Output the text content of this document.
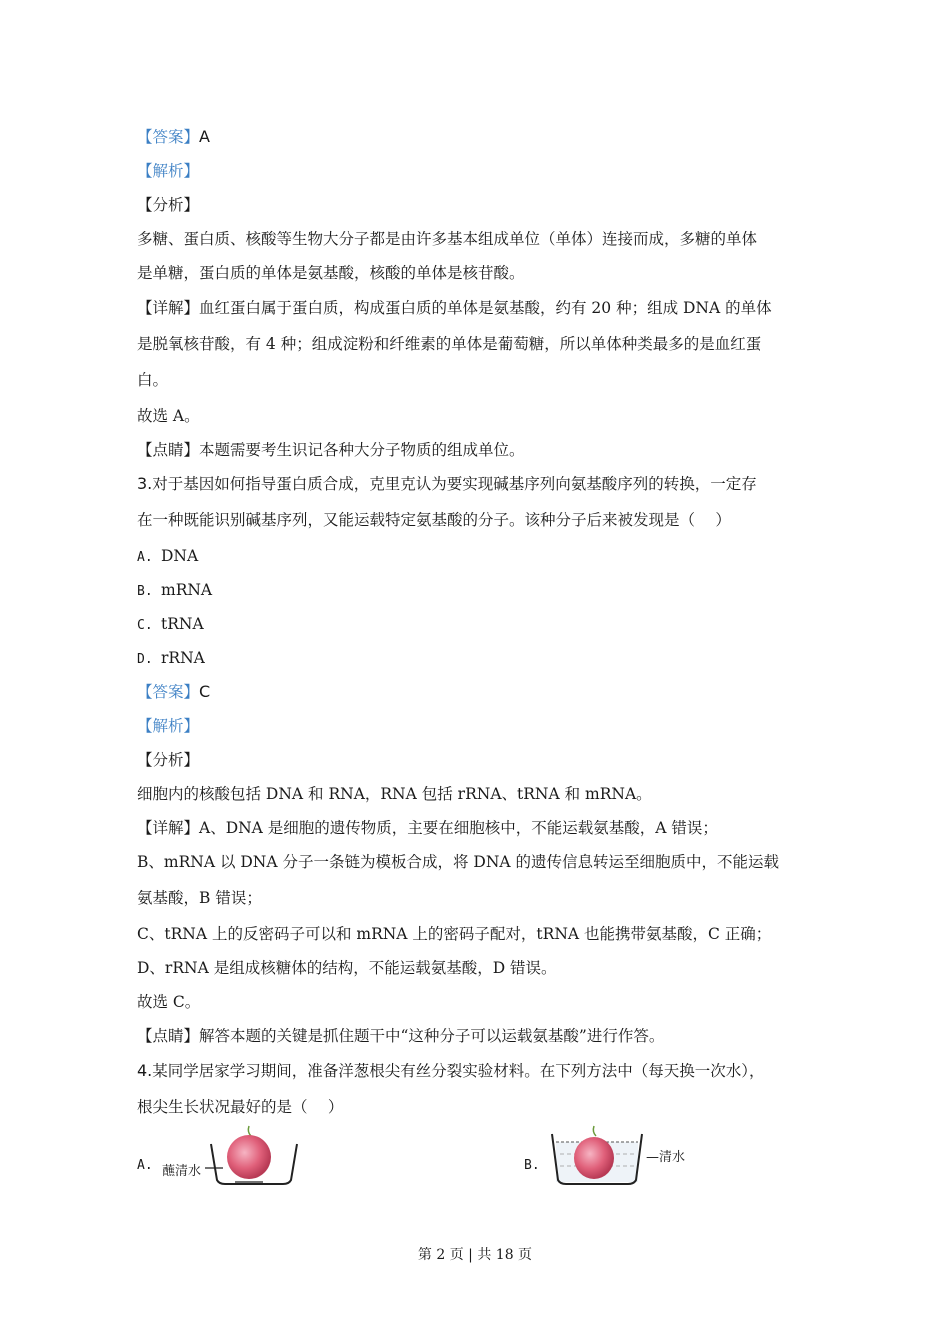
【答案】A
【解析】
【分析】
多糖、蛋白质、核酸等生物大分子都是由许多基本组成单位（单体）连接而成，多糖的单体
是单糖，蛋白质的单体是氨基酸，核酸的单体是核苷酸。
【详解】血红蛋白属于蛋白质，构成蛋白质的单体是氨基酸，约有 20 种；组成 DNA 的单体
是脱氧核苷酸，有 4 种；组成淀粉和纤维素的单体是葡萄糖，所以单体种类最多的是血红蛋
白。
故选 A。
【点睛】本题需要考生识记各种大分子物质的组成单位。
3.对于基因如何指导蛋白质合成，克里克认为要实现碱基序列向氨基酸序列的转换，一定存
在一种既能识别碱基序列，又能运载特定氨基酸的分子。该种分子后来被发现是（　 ）
A. DNA
B. mRNA
C. tRNA
D. rRNA
【答案】C
【解析】
【分析】
细胞内的核酸包括 DNA 和 RNA，RNA 包括 rRNA、tRNA 和 mRNA。
【详解】A、DNA 是细胞的遗传物质，主要在细胞核中，不能运载氨基酸，A 错误；
B、mRNA 以 DNA 分子一条链为模板合成，将 DNA 的遗传信息转运至细胞质中，不能运载
氨基酸，B 错误；
C、tRNA 上的反密码子可以和 mRNA 上的密码子配对，tRNA 也能携带氨基酸，C 正确；
D、rRNA 是组成核糖体的结构，不能运载氨基酸，D 错误。
故选 C。
【点睛】解答本题的关键是抓住题干中“这种分子可以运载氨基酸”进行作答。
4.某同学居家学习期间，准备洋葱根尖有丝分裂实验材料。在下列方法中（每天换一次水），
根尖生长状况最好的是（　 ）
A. 蘸清水	B.
—清水
第 2 页 | 共 18 页
